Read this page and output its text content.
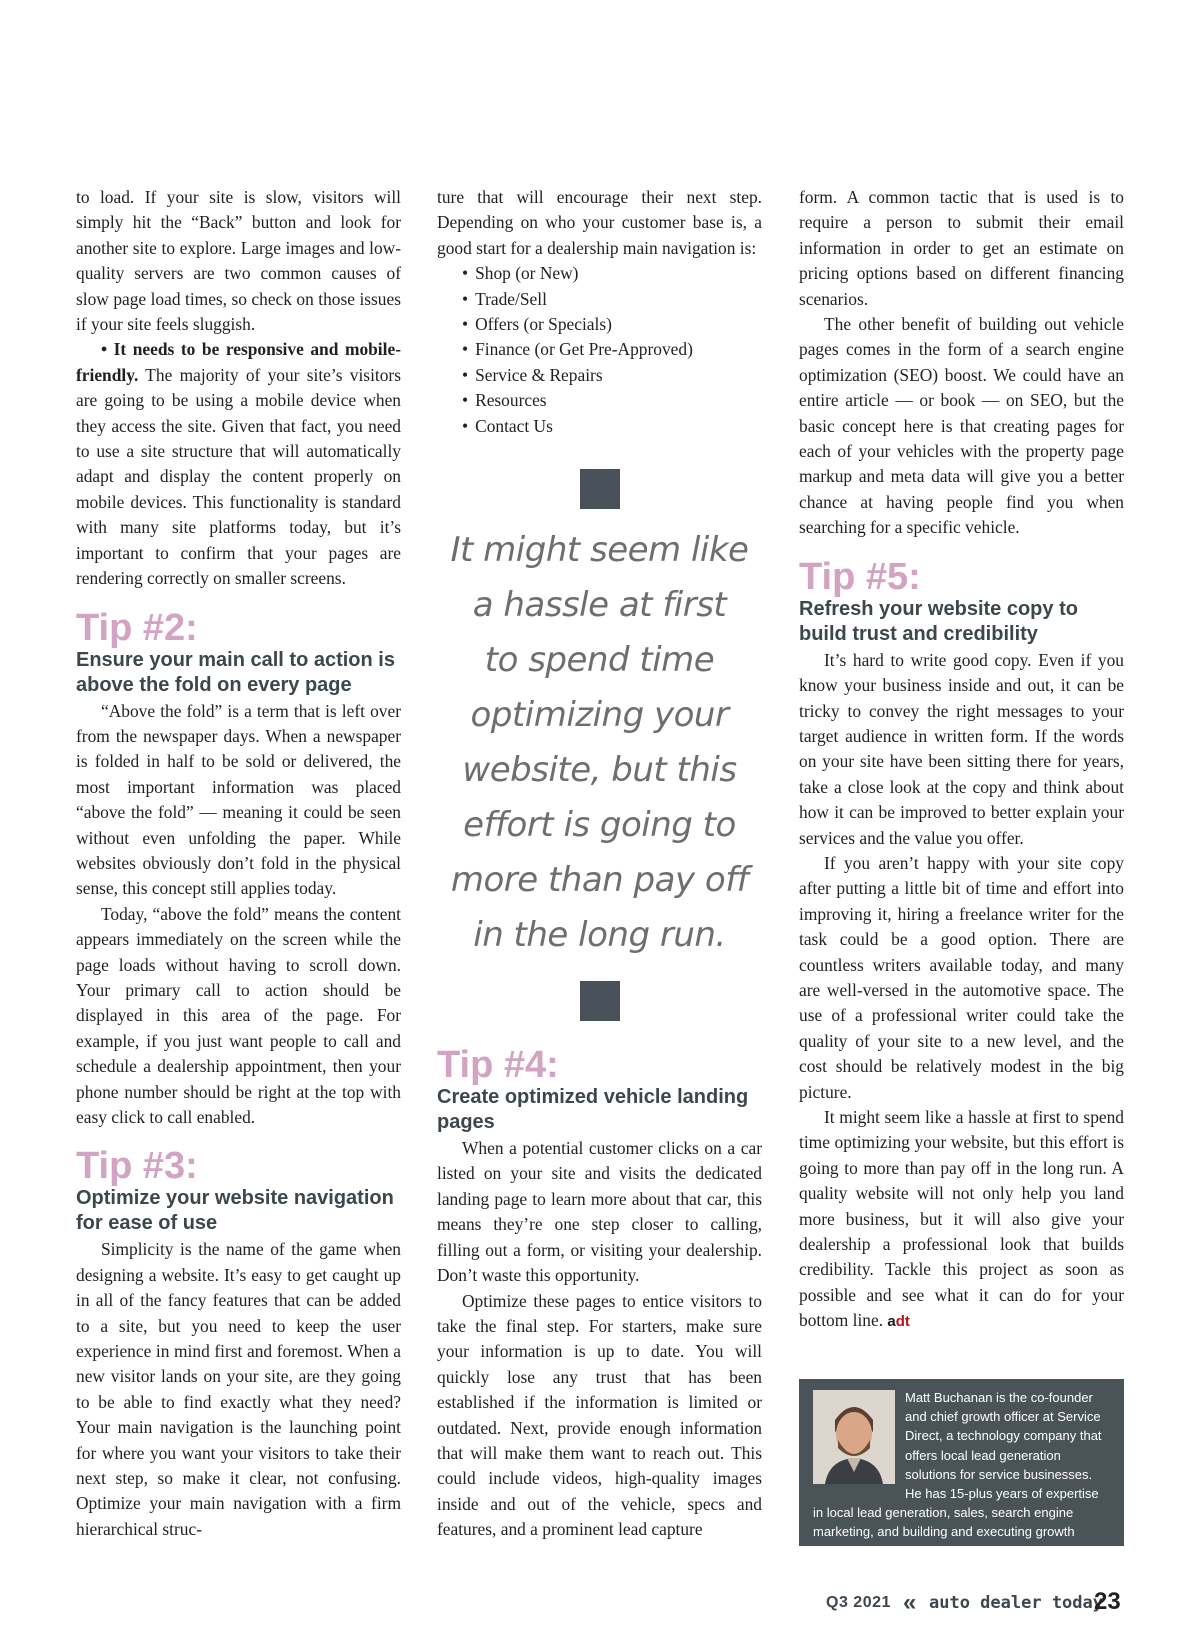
to load. If your site is slow, visitors will simply hit the “Back” button and look for another site to explore. Large images and low-quality servers are two common causes of slow page load times, so check on those issues if your site feels sluggish.

• It needs to be responsive and mobile-friendly. The majority of your site’s visitors are going to be using a mobile device when they access the site. Given that fact, you need to use a site structure that will automatically adapt and display the content properly on mobile devices. This functionality is standard with many site platforms today, but it’s important to confirm that your pages are rendering correctly on smaller screens.

Tip #2:
Ensure your main call to action is above the fold on every page

“Above the fold” is a term that is left over from the newspaper days. When a newspaper is folded in half to be sold or delivered, the most important information was placed “above the fold” — meaning it could be seen without even unfolding the paper. While websites obviously don’t fold in the physical sense, this concept still applies today.

Today, “above the fold” means the content appears immediately on the screen while the page loads without having to scroll down. Your primary call to action should be displayed in this area of the page. For example, if you just want people to call and schedule a dealership appointment, then your phone number should be right at the top with easy click to call enabled.

Tip #3:
Optimize your website navigation for ease of use

Simplicity is the name of the game when designing a website. It’s easy to get caught up in all of the fancy features that can be added to a site, but you need to keep the user experience in mind first and foremost. When a new visitor lands on your site, are they going to be able to find exactly what they need? Your main navigation is the launching point for where you want your visitors to take their next step, so make it clear, not confusing. Optimize your main navigation with a firm hierarchical struc-

ture that will encourage their next step. Depending on who your customer base is, a good start for a dealership main navigation is:

• Shop (or New)
• Trade/Sell
• Offers (or Specials)
• Finance (or Get Pre-Approved)
• Service & Repairs
• Resources
• Contact Us
It might seem like
a hassle at first
to spend time
optimizing your
website, but this
effort is going to
more than pay off
in the long run.
Tip #4:
Create optimized vehicle landing pages

When a potential customer clicks on a car listed on your site and visits the dedicated landing page to learn more about that car, this means they’re one step closer to calling, filling out a form, or visiting your dealership. Don’t waste this opportunity.

Optimize these pages to entice visitors to take the final step. For starters, make sure your information is up to date. You will quickly lose any trust that has been established if the information is limited or outdated. Next, provide enough information that will make them want to reach out. This could include videos, high-quality images inside and out of the vehicle, specs and features, and a prominent lead capture

form. A common tactic that is used is to require a person to submit their email information in order to get an estimate on pricing options based on different financing scenarios.

The other benefit of building out vehicle pages comes in the form of a search engine optimization (SEO) boost. We could have an entire article — or book — on SEO, but the basic concept here is that creating pages for each of your vehicles with the property page markup and meta data will give you a better chance at having people find you when searching for a specific vehicle.

Tip #5:
Refresh your website copy to build trust and credibility

It’s hard to write good copy. Even if you know your business inside and out, it can be tricky to convey the right messages to your target audience in written form. If the words on your site have been sitting there for years, take a close look at the copy and think about how it can be improved to better explain your services and the value you offer.

If you aren’t happy with your site copy after putting a little bit of time and effort into improving it, hiring a freelance writer for the task could be a good option. There are countless writers available today, and many are well-versed in the automotive space. The use of a professional writer could take the quality of your site to a new level, and the cost should be relatively modest in the big picture.

It might seem like a hassle at first to spend time optimizing your website, but this effort is going to more than pay off in the long run. A quality website will not only help you land more business, but it will also give your dealership a professional look that builds credibility. Tackle this project as soon as possible and see what it can do for your bottom line. adt

Matt Buchanan is the co-founder and chief growth officer at Service Direct, a technology company that offers local lead generation solutions for service businesses. He has 15-plus years of expertise in local lead generation, sales, search engine marketing, and building and executing growth strategies.
Q3 2021 « auto dealer today
23
